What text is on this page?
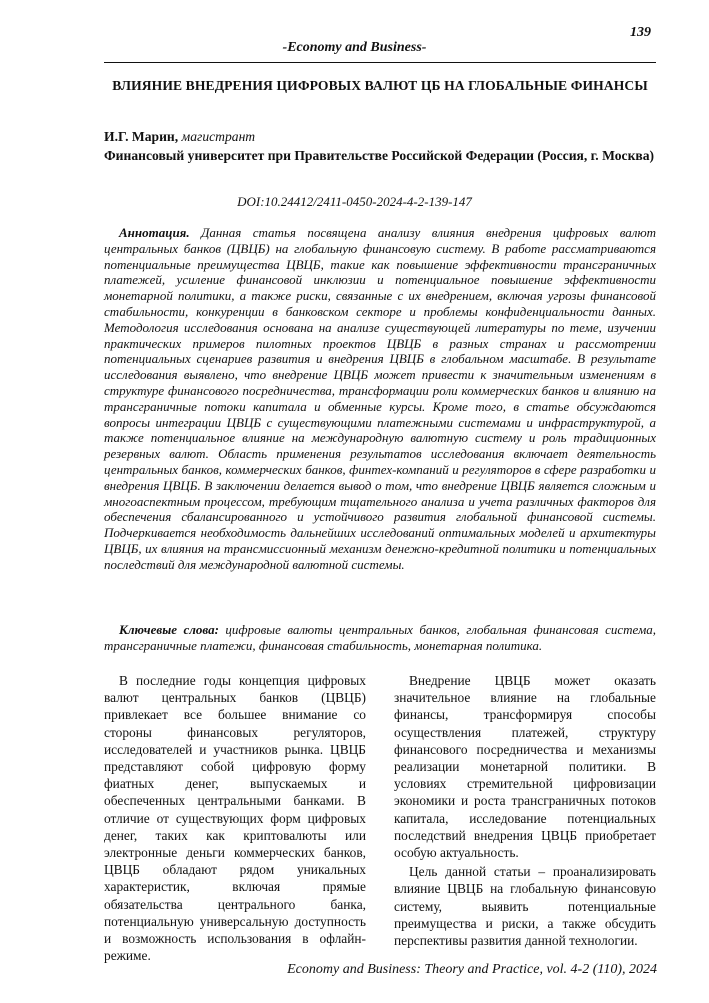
139
-Economy and Business-
ВЛИЯНИЕ ВНЕДРЕНИЯ ЦИФРОВЫХ ВАЛЮТ ЦБ НА ГЛОБАЛЬНЫЕ ФИНАНСЫ
И.Г. Марин, магистрант
Финансовый университет при Правительстве Российской Федерации (Россия, г. Москва)
DOI:10.24412/2411-0450-2024-4-2-139-147
Аннотация. Данная статья посвящена анализу влияния внедрения цифровых валют центральных банков (ЦВЦБ) на глобальную финансовую систему. В работе рассматриваются потенциальные преимущества ЦВЦБ, такие как повышение эффективности трансграничных платежей, усиление финансовой инклюзии и потенциальное повышение эффективности монетарной политики, а также риски, связанные с их внедрением, включая угрозы финансовой стабильности, конкуренции в банковском секторе и проблемы конфиденциальности данных. Методология исследования основана на анализе существующей литературы по теме, изучении практических примеров пилотных проектов ЦВЦБ в разных странах и рассмотрении потенциальных сценариев развития и внедрения ЦВЦБ в глобальном масштабе. В результате исследования выявлено, что внедрение ЦВЦБ может привести к значительным изменениям в структуре финансового посредничества, трансформации роли коммерческих банков и влиянию на трансграничные потоки капитала и обменные курсы. Кроме того, в статье обсуждаются вопросы интеграции ЦВЦБ с существующими платежными системами и инфраструктурой, а также потенциальное влияние на международную валютную систему и роль традиционных резервных валют. Область применения результатов исследования включает деятельность центральных банков, коммерческих банков, финтех-компаний и регуляторов в сфере разработки и внедрения ЦВЦБ. В заключении делается вывод о том, что внедрение ЦВЦБ является сложным и многоаспектным процессом, требующим тщательного анализа и учета различных факторов для обеспечения сбалансированного и устойчивого развития глобальной финансовой системы. Подчеркивается необходимость дальнейших исследований оптимальных моделей и архитектуры ЦВЦБ, их влияния на трансмиссионный механизм денежно-кредитной политики и потенциальных последствий для международной валютной системы.
Ключевые слова: цифровые валюты центральных банков, глобальная финансовая система, трансграничные платежи, финансовая стабильность, монетарная политика.

В последние годы концепция цифровых валют центральных банков (ЦВЦБ) привлекает все большее внимание со стороны финансовых регуляторов, исследователей и участников рынка. ЦВЦБ представляют собой цифровую форму фиатных денег, выпускаемых и обеспеченных центральными банками. В отличие от существующих форм цифровых денег, таких как криптовалюты или электронные деньги коммерческих банков, ЦВЦБ обладают рядом уникальных характеристик, включая прямые обязательства центрального банка, потенциальную универсальную доступность и возможность использования в офлайн-режиме.

Внедрение ЦВЦБ может оказать значительное влияние на глобальные финансы, трансформируя способы осуществления платежей, структуру финансового посредничества и механизмы реализации монетарной политики. В условиях стремительной цифровизации экономики и роста трансграничных потоков капитала, исследование потенциальных последствий внедрения ЦВЦБ приобретает особую актуальность.

Цель данной статьи – проанализировать влияние ЦВЦБ на глобальную финансовую систему, выявить потенциальные преимущества и риски, а также обсудить перспективы развития данной технологии.

Economy and Business: Theory and Practice, vol. 4-2 (110), 2024
